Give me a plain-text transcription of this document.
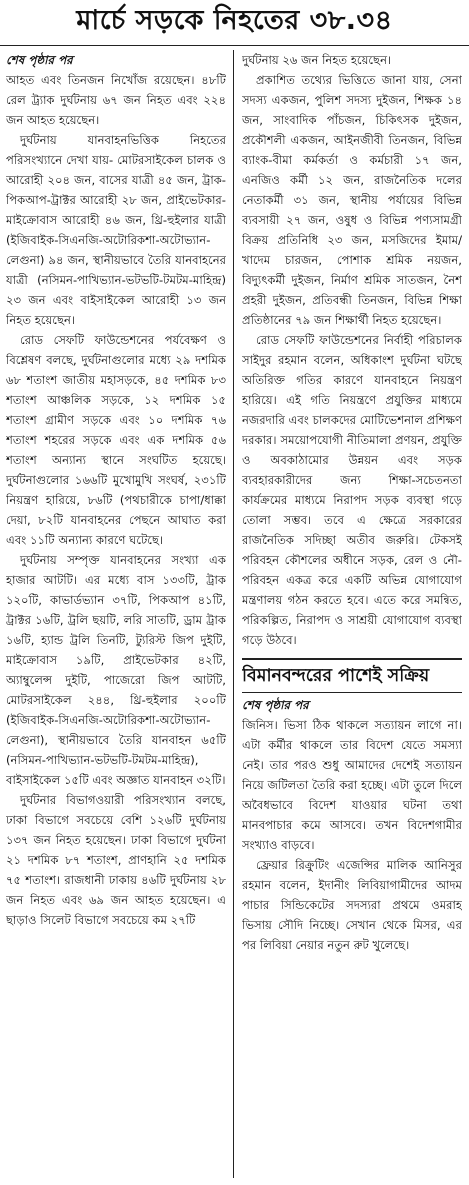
মার্চে সড়কে নিহতের ৩৮.৩৪

শেষ পৃষ্ঠার পর

আহত এবং তিনজন নিখোঁজ রয়েছেন। ৪৮টি রেল ট্র্যাক দুর্ঘটনায় ৬৭ জন নিহত এবং ২২৪ জন আহত হয়েছেন।

দুর্ঘটনায় যানবাহনভিত্তিক নিহতের পরিসংখ্যানে দেখা যায়- মোটরসাইকেল চালক ও আরোহী ২০৪ জন, বাসের যাত্রী ৪৫ জন, ট্রাক-পিকআপ-ট্রাক্টর আরোহী ২৮ জন, প্রাইভেটকার-মাইক্রোবাস আরোহী ৪৬ জন, থ্রি-হুইলার যাত্রী (ইজিবাইক-সিএনজি-অটোরিকশা-অটোভ্যান-লেগুনা) ৯৪ জন, স্থানীয়ভাবে তৈরি যানবাহনের যাত্রী (নসিমন-পাখিভ্যান-ভটভটি-টমটম-মাহিন্দ্র) ২৩ জন এবং বাইসাইকেল আরোহী ১৩ জন নিহত হয়েছেন।

রোড সেফটি ফাউন্ডেশনের পর্যবেক্ষণ ও বিশ্লেষণ বলছে, দুর্ঘটনাগুলোর মধ্যে ২৯ দশমিক ৬৮ শতাংশ জাতীয় মহাসড়কে, ৪৫ দশমিক ৮৩ শতাংশ আঞ্চলিক সড়কে, ১২ দশমিক ১৫ শতাংশ গ্রামীণ সড়কে এবং ১০ দশমিক ৭৬ শতাংশ শহরের সড়কে এবং এক দশমিক ৫৬ শতাংশ অন্যান্য স্থানে সংঘটিত হয়েছে। দুর্ঘটনাগুলোর ১৬৬টি মুখোমুখি সংঘর্ষ, ২৩১টি নিয়ন্ত্রণ হারিয়ে, ৮৬টি (পথচারীকে চাপা/ধাক্কা দেয়া, ৮২টি যানবাহনের পেছনে আঘাত করা এবং ১১টি অন্যান্য কারণে ঘটেছে।

দুর্ঘটনায় সম্পৃক্ত যানবাহনের সংখ্যা এক হাজার আটটি। এর মধ্যে বাস ১৩৩টি, ট্রাক ১২০টি, কাভার্ডভ্যান ৩৭টি, পিকআপ ৪১টি, ট্রাক্টর ১৬টি, ট্রলি ছয়টি, লরি সাতটি, ড্রাম ট্রাক ১৬টি, হ্যান্ড ট্রলি তিনটি, ট্যুরিস্ট জিপ দুইটি, মাইক্রোবাস ১৯টি, প্রাইভেটকার ৪২টি, অ্যাম্বুলেন্স দুইটি, পাজেরো জিপ আটটি, মোটরসাইকেল ২৪৪, থ্রি-হুইলার ২০০টি (ইজিবাইক-সিএনজি-অটোরিকশা-অটোভ্যান-লেগুনা), স্থানীয়ভাবে তৈরি যানবাহন ৬৫টি (নসিমন-পাখিভ্যান-ভটভটি-টমটম-মাহিন্দ্র), বাইসাইকেল ১৫টি এবং অজ্ঞাত যানবাহন ৩২টি।

দুর্ঘটনার বিভাগওয়ারী পরিসংখ্যান বলছে, ঢাকা বিভাগে সবচেয়ে বেশি ১২৬টি দুর্ঘটনায় ১৩৭ জন নিহত হয়েছেন। ঢাকা বিভাগে দুর্ঘটনা ২১ দশমিক ৮৭ শতাংশ, প্রাণহানি ২৫ দশমিক ৭৫ শতাংশ। রাজধানী ঢাকায় ৪৬টি দুর্ঘটনায় ২৮ জন নিহত এবং ৬৯ জন আহত হয়েছেন। এ ছাড়াও সিলেট বিভাগে সবচেয়ে কম ২৭টি

দুর্ঘটনায় ২৬ জন নিহত হয়েছেন।

প্রকাশিত তথ্যের ভিত্তিতে জানা যায়, সেনা সদস্য একজন, পুলিশ সদস্য দুইজন, শিক্ষক ১৪ জন, সাংবাদিক পাঁচজন, চিকিৎসক দুইজন, প্রকৌশলী একজন, আইনজীবী তিনজন, বিভিন্ন ব্যাংক-বীমা কর্মকর্তা ও কর্মচারী ১৭ জন, এনজিও কর্মী ১২ জন, রাজনৈতিক দলের নেতাকর্মী ৩১ জন, স্থানীয় পর্যায়ের বিভিন্ন ব্যবসায়ী ২৭ জন, ওষুধ ও বিভিন্ন পণ্যসামগ্রী বিক্রয় প্রতিনিধি ২৩ জন, মসজিদের ইমাম/খাদেম চারজন, পোশাক শ্রমিক নয়জন, বিদ্যুৎকর্মী দুইজন, নির্মাণ শ্রমিক সাতজন, নৈশ প্রহরী দুইজন, প্রতিবন্ধী তিনজন, বিভিন্ন শিক্ষা প্রতিষ্ঠানের ৭৯ জন শিক্ষার্থী নিহত হয়েছেন।

রোড সেফটি ফাউন্ডেশনের নির্বাহী পরিচালক সাইদুর রহমান বলেন, অধিকাংশ দুর্ঘটনা ঘটছে অতিরিক্ত গতির কারণে যানবাহনে নিয়ন্ত্রণ হারিয়ে। এই গতি নিয়ন্ত্রণে প্রযুক্তির মাধ্যমে নজরদারি এবং চালকদের মোটিভেশনাল প্রশিক্ষণ দরকার। সময়োপযোগী নীতিমালা প্রণয়ন, প্রযুক্তি ও অবকাঠামোর উন্নয়ন এবং সড়ক ব্যবহারকারীদের জন্য শিক্ষা-সচেতনতা কার্যক্রমের মাধ্যমে নিরাপদ সড়ক ব্যবস্থা গড়ে তোলা সম্ভব। তবে এ ক্ষেত্রে সরকারের রাজনৈতিক সদিচ্ছা অতীব জরুরি। টেকসই পরিবহন কৌশলের অধীনে সড়ক, রেল ও নৌ-পরিবহন একত্র করে একটি অভিন্ন যোগাযোগ মন্ত্রণালয় গঠন করতে হবে। এতে করে সমন্বিত, পরিকল্পিত, নিরাপদ ও সাশ্রয়ী যোগাযোগ ব্যবস্থা গড়ে উঠবে।

বিমানবন্দরের পাশেই সক্রিয়

শেষ পৃষ্ঠার পর

জিনিস। ভিসা ঠিক থাকলে সত্যায়ন লাগে না। এটা কর্মীর থাকলে তার বিদেশ যেতে সমস্যা নেই। তার পরও শুধু আমাদের দেশেই সত্যায়ন নিয়ে জটিলতা তৈরি করা হচ্ছে। এটা তুলে দিলে অবৈধভাবে বিদেশ যাওয়ার ঘটনা তথা মানবপাচার কমে আসবে। তখন বিদেশগামীর সংখ্যাও বাড়বে।

ফ্রেয়ার রিক্রুটিং এজেন্সির মালিক আনিসুর রহমান বলেন, ইদানীং লিবিয়াগামীদের আদম পাচার সিন্ডিকেটের সদস্যরা প্রথমে ওমরাহ ভিসায় সৌদি নিচ্ছে। সেখান থেকে মিসর, এর পর লিবিয়া নেয়ার নতুন রুট খুলেছে।
